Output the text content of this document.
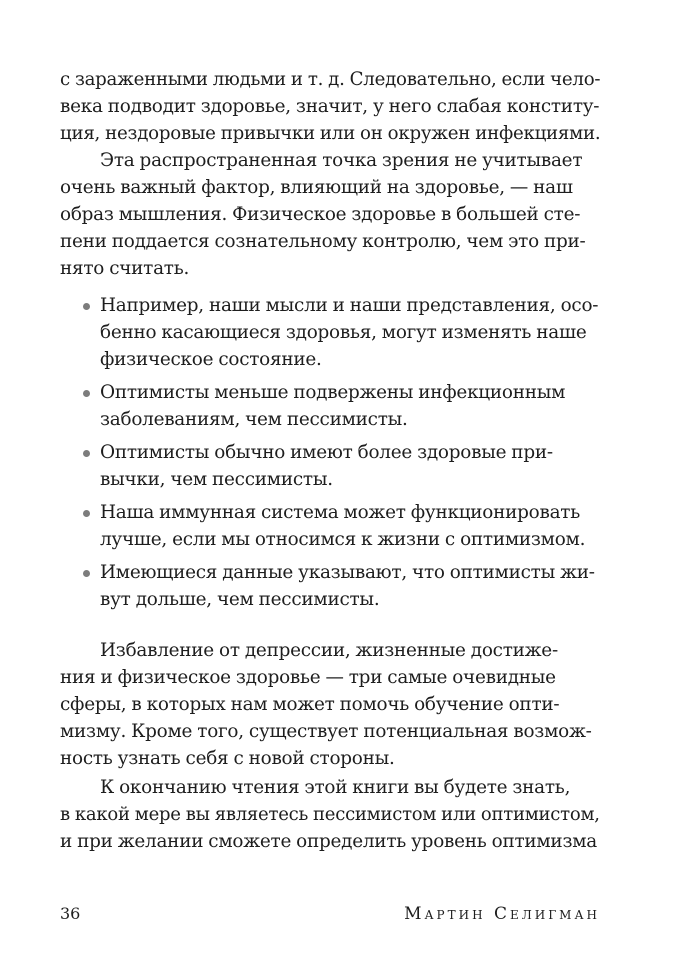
с зараженными людьми и т. д. Следовательно, если чело-
века подводит здоровье, значит, у него слабая конститу-
ция, нездоровые привычки или он окружен инфекциями.
Эта распространенная точка зрения не учитывает
очень важный фактор, влияющий на здоровье, — наш
образ мышления. Физическое здоровье в большей сте-
пени поддается сознательному контролю, чем это при-
нято считать.
Например, наши мысли и наши представления, осо-
бенно касающиеся здоровья, могут изменять наше
физическое состояние.
Оптимисты меньше подвержены инфекционным
заболеваниям, чем пессимисты.
Оптимисты обычно имеют более здоровые при-
вычки, чем пессимисты.
Наша иммунная система может функционировать
лучше, если мы относимся к жизни с оптимизмом.
Имеющиеся данные указывают, что оптимисты жи-
вут дольше, чем пессимисты.
Избавление от депрессии, жизненные достиже-
ния и физическое здоровье — три самые очевидные
сферы, в которых нам может помочь обучение опти-
мизму. Кроме того, существует потенциальная возмож-
ность узнать себя с новой стороны.
К окончанию чтения этой книги вы будете знать,
в какой мере вы являетесь пессимистом или оптимистом,
и при желании сможете определить уровень оптимизма
36	Мартин Селигман
